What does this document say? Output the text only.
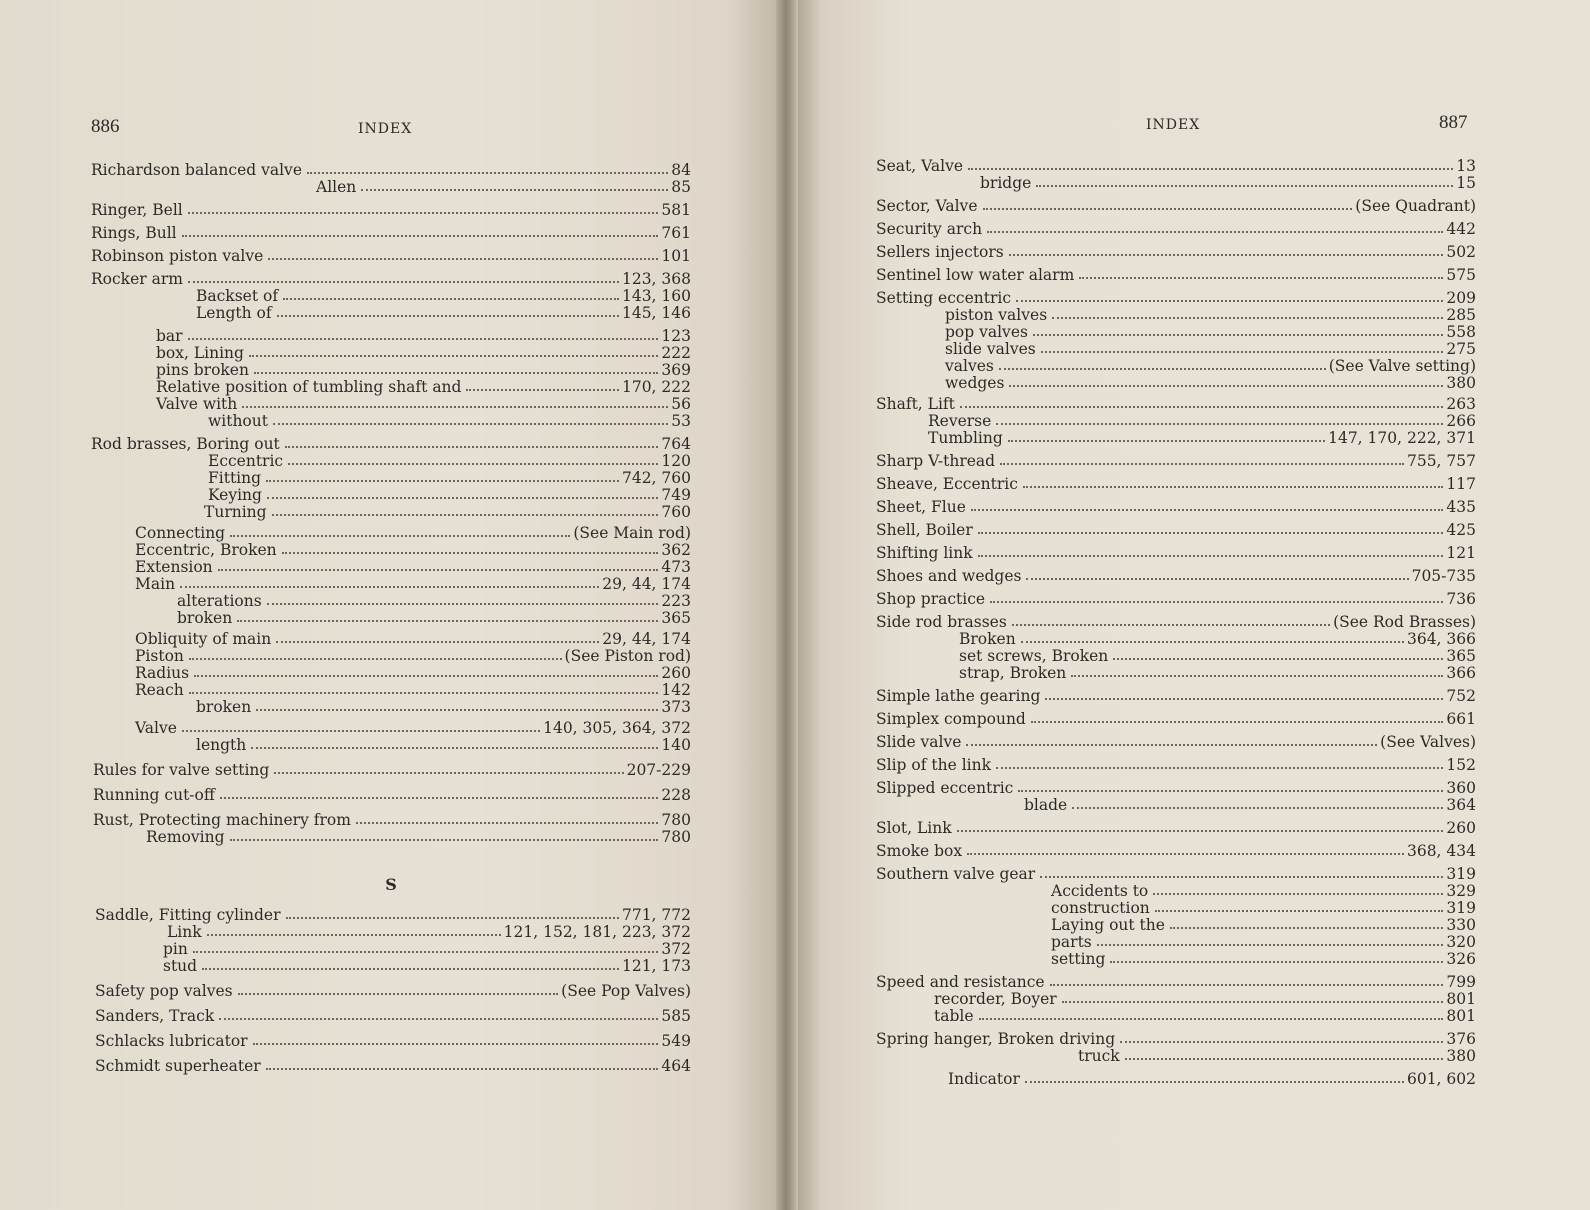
886	INDEX
Richardson balanced valve	84
Allen	85
Ringer, Bell	581
Rings, Bull	761
Robinson piston valve	101
Rocker arm	123, 368
Backset of	143, 160
Length of	145, 146
bar	123
box, Lining	222
pins broken	369
Relative position of tumbling shaft and	170, 222
Valve with	56
without	53
Rod brasses, Boring out	764
Eccentric	120
Fitting	742, 760
Keying	749
Turning	760
Connecting	(See Main rod)
Eccentric, Broken	362
Extension	473
Main	29, 44, 174
alterations	223
broken	365
Obliquity of main	29, 44, 174
Piston	(See Piston rod)
Radius	260
Reach	142
broken	373
Valve	140, 305, 364, 372
length	140
Rules for valve setting	207-229
Running cut-off	228
Rust, Protecting machinery from	780
Removing	780
S
Saddle, Fitting cylinder	771, 772
Link	121, 152, 181, 223, 372
pin	372
stud	121, 173
Safety pop valves	(See Pop Valves)
Sanders, Track	585
Schlacks lubricator	549
Schmidt superheater	464
INDEX	887
Seat, Valve	13
bridge	15
Sector, Valve	(See Quadrant)
Security arch	442
Sellers injectors	502
Sentinel low water alarm	575
Setting eccentric	209
piston valves	285
pop valves	558
slide valves	275
valves	(See Valve setting)
wedges	380
Shaft, Lift	263
Reverse	266
Tumbling	147, 170, 222, 371
Sharp V-thread	755, 757
Sheave, Eccentric	117
Sheet, Flue	435
Shell, Boiler	425
Shifting link	121
Shoes and wedges	705-735
Shop practice	736
Side rod brasses	(See Rod Brasses)
Broken	364, 366
set screws, Broken	365
strap, Broken	366
Simple lathe gearing	752
Simplex compound	661
Slide valve	(See Valves)
Slip of the link	152
Slipped eccentric	360
blade	364
Slot, Link	260
Smoke box	368, 434
Southern valve gear	319
Accidents to	329
construction	319
Laying out the	330
parts	320
setting	326
Speed and resistance	799
recorder, Boyer	801
table	801
Spring hanger, Broken driving	376
truck	380
Indicator	601, 602
